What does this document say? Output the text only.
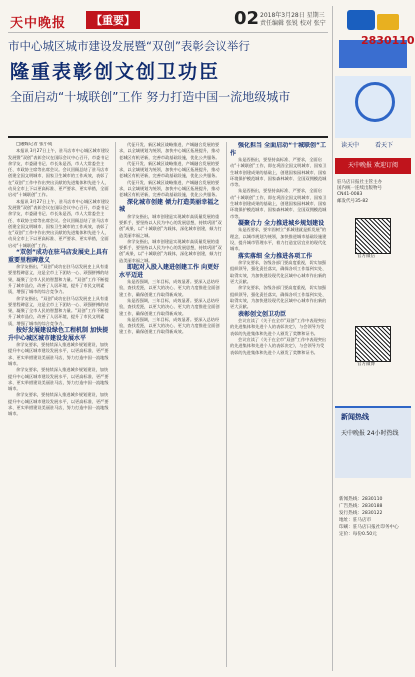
天中晚报	【重要】	02 2018年3月28日 星期三
责任编辑 张锐 校对 张宁

市中心城区城市建设发展暨“双创”表彰会议举行

隆重表彰创文创卫功臣

全面启动“十城联创”工作 努力打造中国一流地级城市

□融媒记者 张小成

本报讯 3月27日上午，驻马店市中心城区城市建设发展暨“双创”表彰会议在国际会议中心召开，市委书记余学友，市委副书记、市长朱是西，市人大常委会主任、市政协主席等出席会议。会议回顾总结了驻马店市创建全国文明城市、国家卫生城市的工作成效，表彰了在“双创”工作中作出突出贡献的先进集体和先进个人，动员全市上下以更高标准、更严要求、更实举措，全面启动“十城联创”工作。

本报讯 3月27日上午，驻马店市中心城区城市建设发展暨“双创”表彰会议在国际会议中心召开，市委书记余学友，市委副书记、市长朱是西，市人大常委会主任、市政协主席等出席会议。会议回顾总结了驻马店市创建全国文明城市、国家卫生城市的工作成效，表彰了在“双创”工作中作出突出贡献的先进集体和先进个人，动员全市上下以更高标准、更严要求、更实举措，全面启动“十城联创”工作。

“双创”成功在驻马店发展史上具有重要里程碑意义

余学友指出，“双创”成功在驻马店发展史上具有重要里程碑意义，这是全市上下团结一心、顽强拼搏的结果，凝聚了全市人民的智慧和力量。“双创”工作不断提升了城市品位，改善了人居环境，提升了市民文明素质，增强了城市的综合竞争力。

余学友指出，“双创”成功在驻马店发展史上具有重要里程碑意义，这是全市上下团结一心、顽强拼搏的结果，凝聚了全市人民的智慧和力量。“双创”工作不断提升了城市品位，改善了人居环境，提升了市民文明素质，增强了城市的综合竞争力。

按好发展建设绿色工程机制 加快提升中心城区城市建设发展水平

余学友要求，要持续深入推进城乡规划建设，加快提升中心城区城市建设发展水平，以更高标准、更严要求、更实举措建设美丽驻马店，努力打造中国一流地级城市。

余学友要求，要持续深入推进城乡规划建设，加快提升中心城区城市建设发展水平，以更高标准、更严要求、更实举措建设美丽驻马店，努力打造中国一流地级城市。

余学友要求，要持续深入推进城乡规划建设，加快提升中心城区城市建设发展水平，以更高标准、更严要求、更实举措建设美丽驻马店，努力打造中国一流地级城市。

代征开发、新区城区战略推进，产城融合发展的要求，以全域规划为统领，加快中心城区拓展提升，推动老城区有机更新，完善市政基础设施，优化公共服务。

代征开发、新区城区战略推进，产城融合发展的要求，以全域规划为统领，加快中心城区拓展提升，推动老城区有机更新，完善市政基础设施，优化公共服务。

代征开发、新区城区战略推进，产城融合发展的要求，以全域规划为统领，加快中心城区拓展提升，推动老城区有机更新，完善市政基础设施，优化公共服务。

深化城市创建 倾力打造美丽幸福之城

余学友指出，城市创建是实现城市高质量发展的重要抓手，要坚持以人民为中心的发展思想，持续巩固“双创”成果，以“十城联创”为载体，深化城市创建，倾力打造美丽幸福之城。

余学友指出，城市创建是实现城市高质量发展的重要抓手，要坚持以人民为中心的发展思想，持续巩固“双创”成果，以“十城联创”为载体，深化城市创建，倾力打造美丽幸福之城。

即起对入股入建进创建工作 向更好水平迈进

朱是西强调，三年目标，成效显著。要深入总结经验，查找差距，以更大的决心、更大的力度推进全面创建工作，确保创建工作取得新成效。

朱是西强调，三年目标，成效显著。要深入总结经验，查找差距，以更大的决心、更大的力度推进全面创建工作，确保创建工作取得新成效。

朱是西强调，三年目标，成效显著。要深入总结经验，查找差距，以更大的决心、更大的力度推进全面创建工作，确保创建工作取得新成效。

强化担当 全面启动“十城联创”工作

朱是西指出，要坚持高标准、严要求，全面启动“十城联创”工作，即在巩固全国文明城市、国家卫生城市创建成果的基础上，创建国家园林城市、国家环境保护模范城市、国家森林城市、全国双拥模范城市等。

朱是西指出，要坚持高标准、严要求，全面启动“十城联创”工作，即在巩固全国文明城市、国家卫生城市创建成果的基础上，创建国家园林城市、国家环境保护模范城市、国家森林城市、全国双拥模范城市等。

凝聚合力 全力推进城乡规划建设

朱是西要求，要牢固树立“抓城建就是抓发展”的理念，以城市规划为统领，加快推进城市基础设施建设，提升城市管理水平，着力打造宜居宜业的现代化城市。

落实落细 全力推进各项工作

余学友要求，各级各部门要高度重视，切实加强组织领导，强化责任落实，确保各项工作落到实处、取得实效，为加快建设现代化区域中心城市作出新的更大贡献。

余学友要求，各级各部门要高度重视，切实加强组织领导，强化责任落实，确保各项工作落到实处、取得实效，为加快建设现代化区域中心城市作出新的更大贡献。

表彰创文创卫功臣

会议宣读了《关于在全市“双创”工作中表现突出的先进集体和先进个人的表彰决定》，与会领导为受表彰的先进集体和先进个人颁发了奖牌和证书。

会议宣读了《关于在全市“双创”工作中表现突出的先进集体和先进个人的表彰决定》，与会领导为受表彰的先进集体和先进个人颁发了奖牌和证书。

2830110
读天中	看天下
天中晚报 欢迎订阅
驻马店日报社主管主办
国内统一连续出版物号
CN41-0083
邮发代号35-82
官方微信
官方微博
新闻热线
天中晚报 24小时热线

新闻热线：2830110

广告热线：2830188

发行热线：2830122

地址：驻马店市

印刷：驻马店日报社印务中心

定价：每份0.50元
